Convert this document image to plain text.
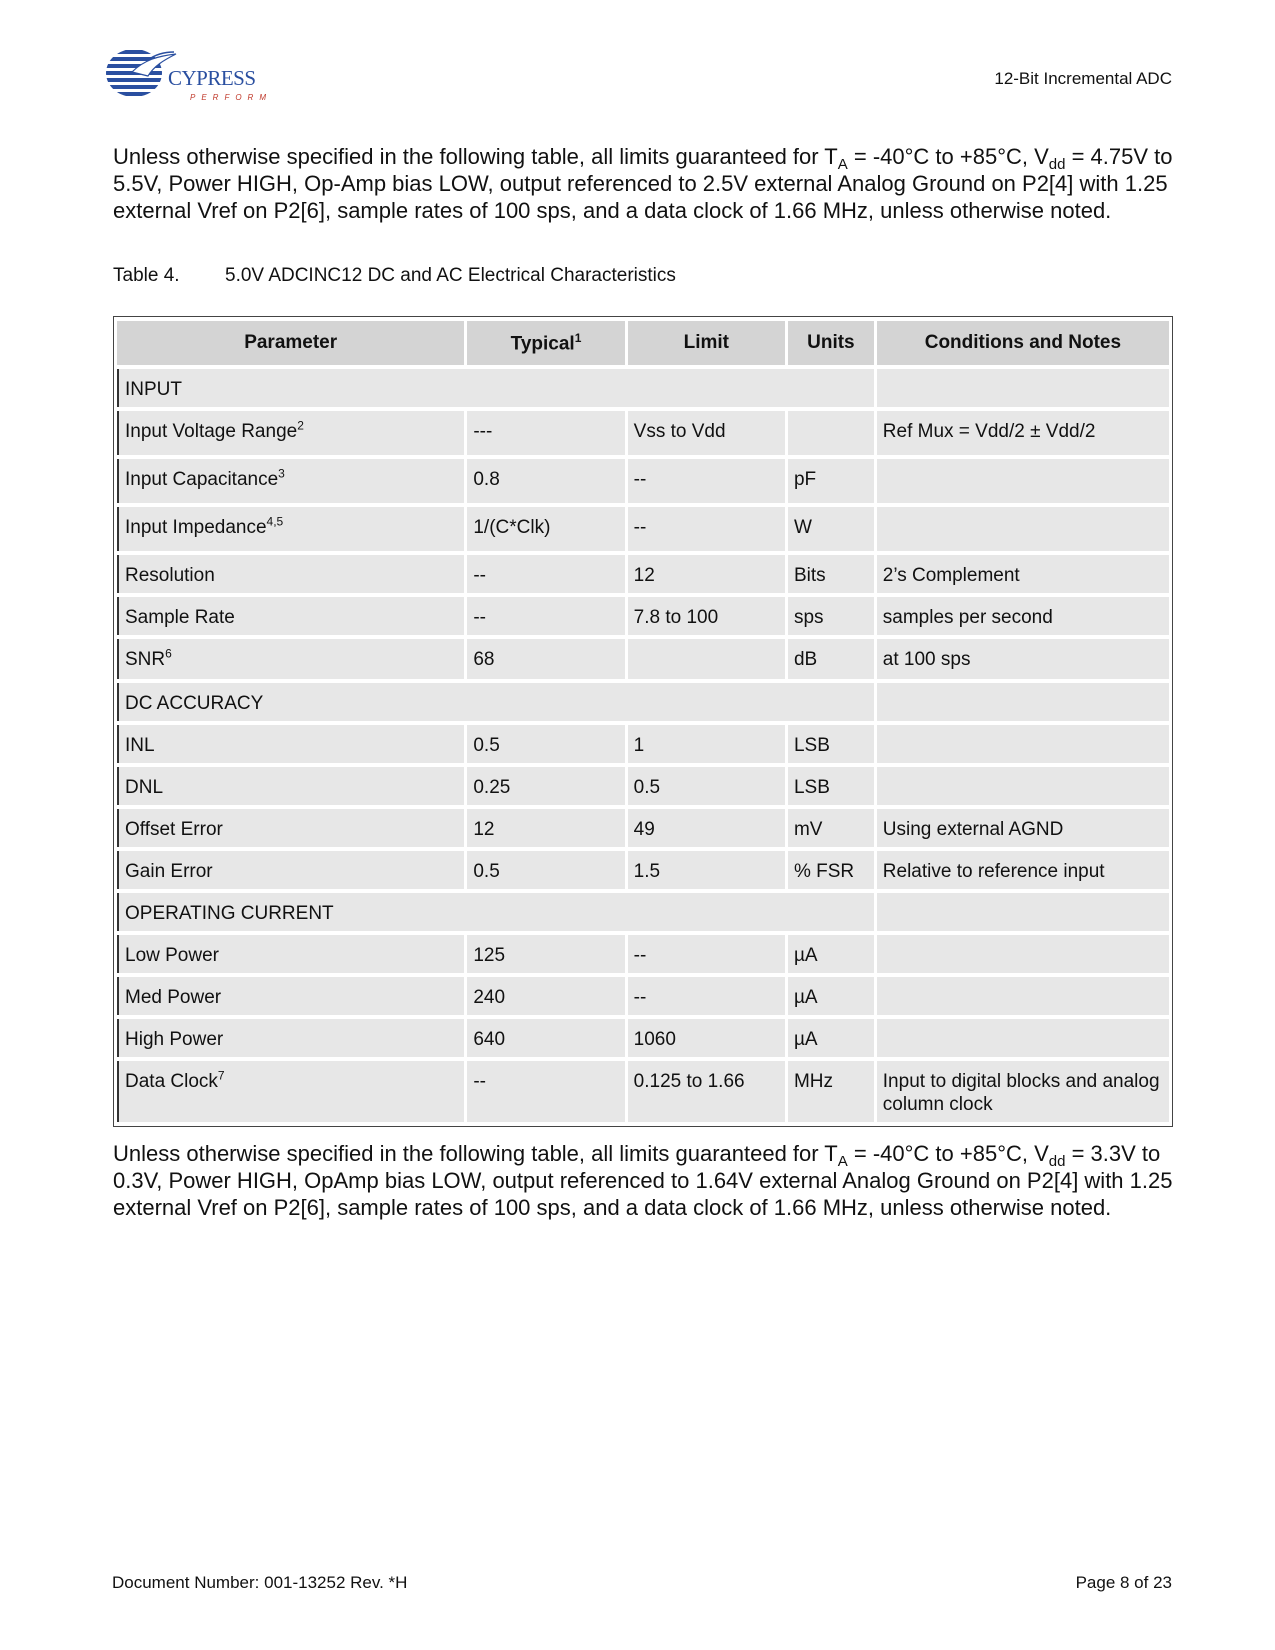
CYPRESS
PERFORM
12-Bit Incremental ADC
Unless otherwise specified in the following table, all limits guaranteed for $T_A = -40^\circ C$ to +85°C, $V_{dd} = 4.75V$ to 5.5V, Power HIGH, Op-Amp bias LOW, output referenced to 2.5V external Analog Ground on P2[4] with 1.25 external Vref on P2[6], sample rates of 100 sps, and a data clock of 1.66 MHz, unless otherwise noted.
Table 4. 5.0V ADCINC12 DC and AC Electrical Characteristics
Parameter	Typical$^1$	Limit	Units	Conditions and Notes
INPUT				
Input Voltage Range$^2$	---	Vss to Vdd		Ref Mux = Vdd/2 ± Vdd/2
Input Capacitance$^3$	0.8	--	pF	
Input Impedance$^{4,5}$	1/(C*Clk)	--	W	
Resolution	--	12	Bits	2’s Complement
Sample Rate	--	7.8 to 100	sps	samples per second
SNR$^6$	68		dB	at 100 sps
DC ACCURACY				
INL	0.5	1	LSB	
DNL	0.25	0.5	LSB	
Offset Error	12	49	mV	Using external AGND
Gain Error	0.5	1.5	% FSR	Relative to reference input
OPERATING CURRENT				
Low Power	125	--	µA	
Med Power	240	--	µA	
High Power	640	1060	µA	
Data Clock$^7$	--	0.125 to 1.66	MHz	Input to digital blocks and analog column clock
Unless otherwise specified in the following table, all limits guaranteed for $T_A = -40^\circ C$ to +85°C, $V_{dd} = 3.3V$ to 0.3V, Power HIGH, OpAmp bias LOW, output referenced to 1.64V external Analog Ground on P2[4] with 1.25 external Vref on P2[6], sample rates of 100 sps, and a data clock of 1.66 MHz, unless otherwise noted.
Document Number: 001-13252 Rev. *H	Page 8 of 23
